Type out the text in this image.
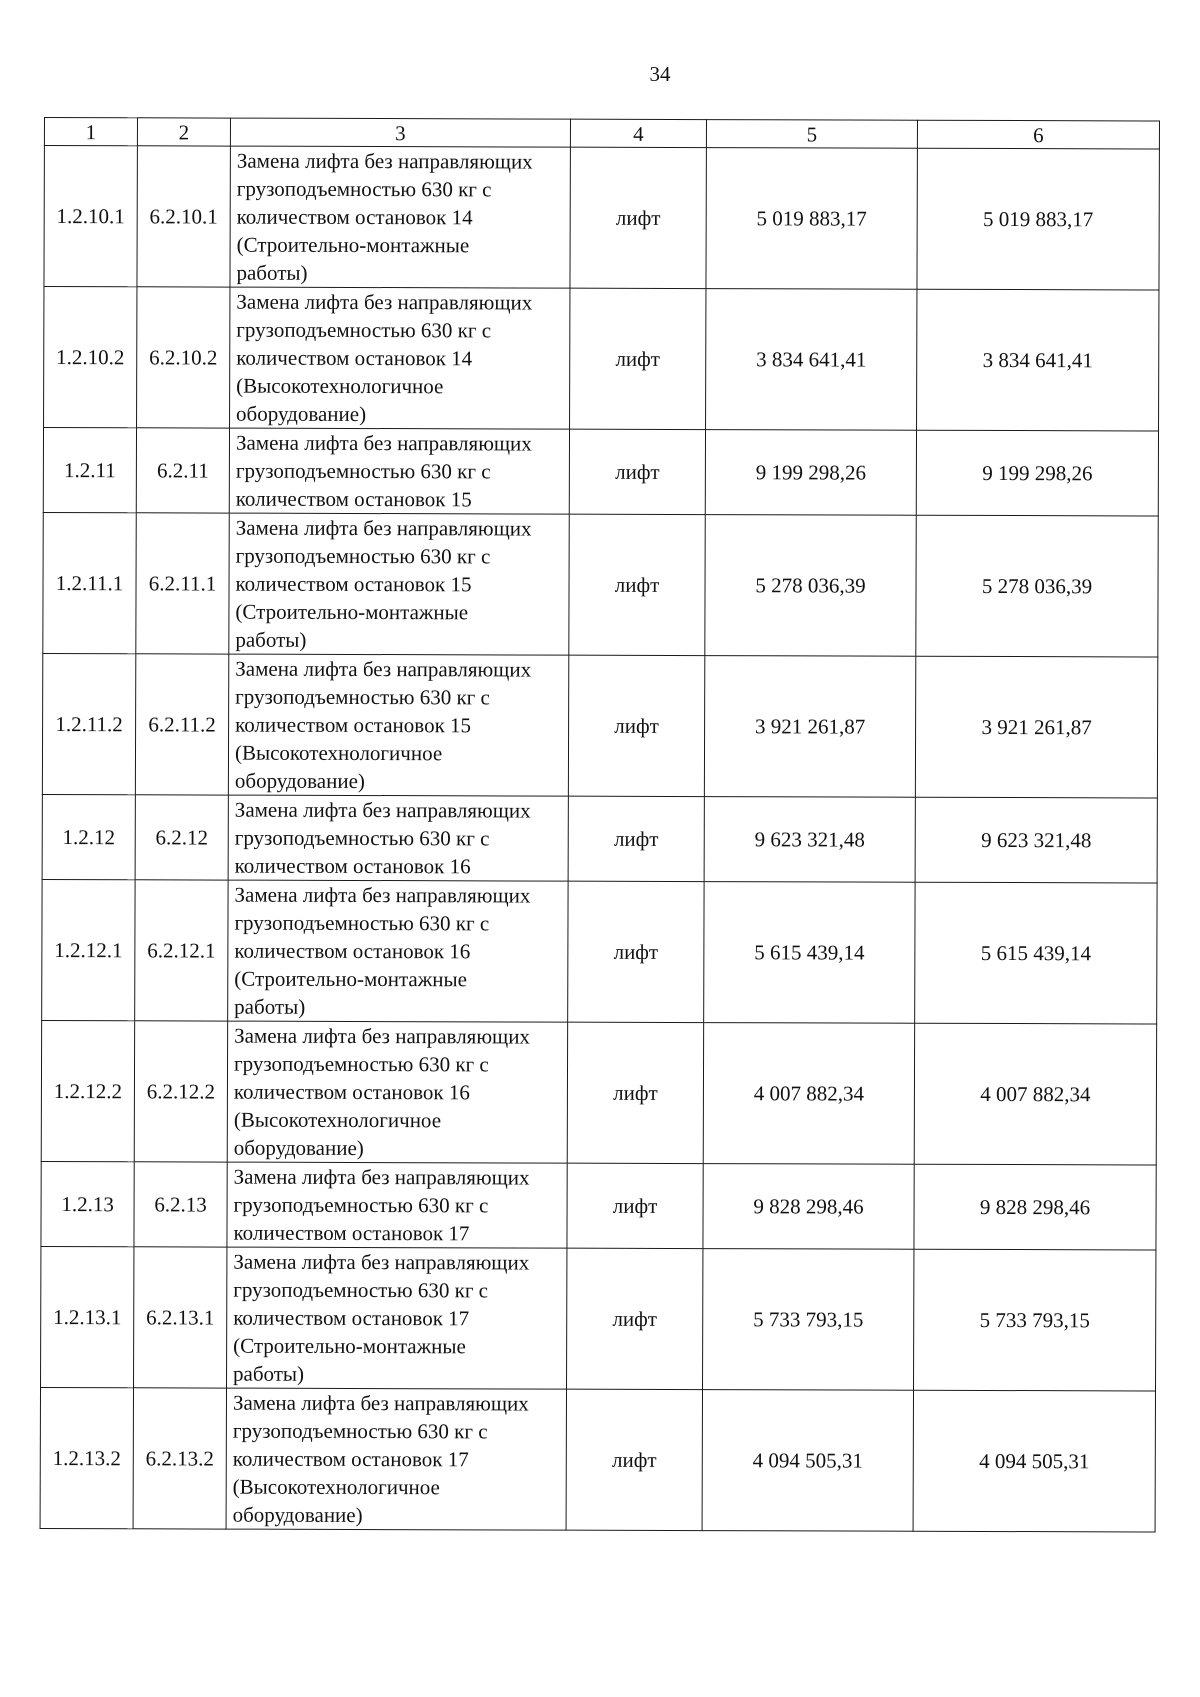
34
1	2	3	4	5	6
1.2.10.1	6.2.10.1	Замена лифта без направляющих
грузоподъемностью 630 кг с
количеством остановок 14
(Строительно-монтажные
работы)	лифт	5 019 883,17	5 019 883,17
1.2.10.2	6.2.10.2	Замена лифта без направляющих
грузоподъемностью 630 кг с
количеством остановок 14
(Высокотехнологичное
оборудование)	лифт	3 834 641,41	3 834 641,41
1.2.11	6.2.11	Замена лифта без направляющих
грузоподъемностью 630 кг с
количеством остановок 15	лифт	9 199 298,26	9 199 298,26
1.2.11.1	6.2.11.1	Замена лифта без направляющих
грузоподъемностью 630 кг с
количеством остановок 15
(Строительно-монтажные
работы)	лифт	5 278 036,39	5 278 036,39
1.2.11.2	6.2.11.2	Замена лифта без направляющих
грузоподъемностью 630 кг с
количеством остановок 15
(Высокотехнологичное
оборудование)	лифт	3 921 261,87	3 921 261,87
1.2.12	6.2.12	Замена лифта без направляющих
грузоподъемностью 630 кг с
количеством остановок 16	лифт	9 623 321,48	9 623 321,48
1.2.12.1	6.2.12.1	Замена лифта без направляющих
грузоподъемностью 630 кг с
количеством остановок 16
(Строительно-монтажные
работы)	лифт	5 615 439,14	5 615 439,14
1.2.12.2	6.2.12.2	Замена лифта без направляющих
грузоподъемностью 630 кг с
количеством остановок 16
(Высокотехнологичное
оборудование)	лифт	4 007 882,34	4 007 882,34
1.2.13	6.2.13	Замена лифта без направляющих
грузоподъемностью 630 кг с
количеством остановок 17	лифт	9 828 298,46	9 828 298,46
1.2.13.1	6.2.13.1	Замена лифта без направляющих
грузоподъемностью 630 кг с
количеством остановок 17
(Строительно-монтажные
работы)	лифт	5 733 793,15	5 733 793,15
1.2.13.2	6.2.13.2	Замена лифта без направляющих
грузоподъемностью 630 кг с
количеством остановок 17
(Высокотехнологичное
оборудование)	лифт	4 094 505,31	4 094 505,31
